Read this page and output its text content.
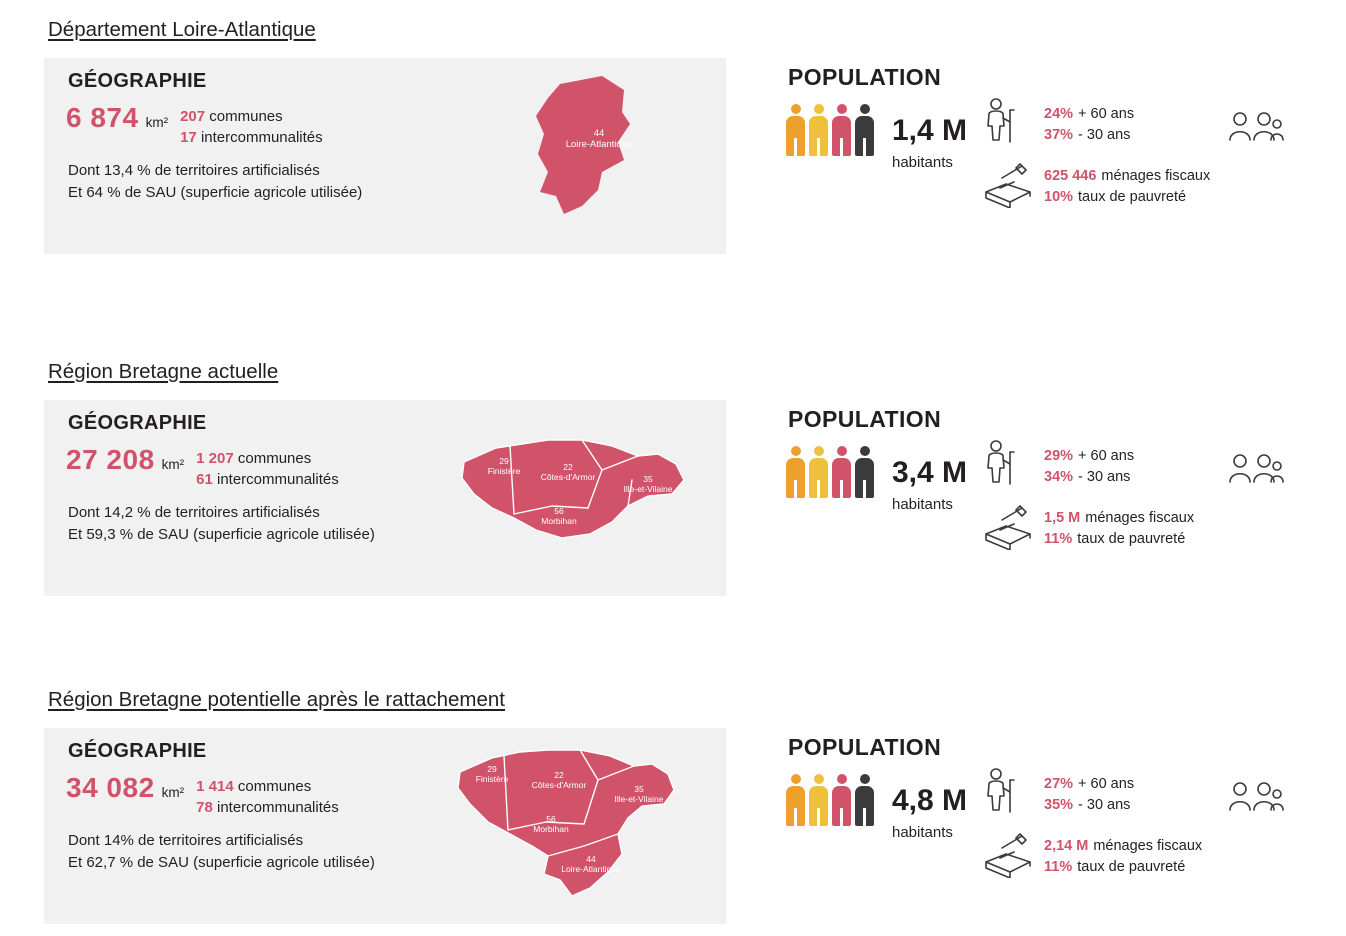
Département Loire-Atlantique
GÉOGRAPHIE
6 874 km² 207 communes
17 intercommunalités
Dont 13,4 % de territoires artificialisés
Et 64 % de SAU (superficie agricole utilisée)
44
Loire-Atlantique
POPULATION
1,4 M
habitants
24% + 60 ans
37% - 30 ans
625 446 ménages fiscaux
10% taux de pauvreté
Région Bretagne actuelle
GÉOGRAPHIE
27 208 km² 1 207 communes
61 intercommunalités
Dont 14,2 % de territoires artificialisés
Et 59,3 % de SAU (superficie agricole utilisée)
29
Finistère	22
Côtes-d'Armor	35
Ille-et-Vilaine
56
Morbihan
POPULATION
3,4 M
habitants
29% + 60 ans
34% - 30 ans
1,5 M ménages fiscaux
11% taux de pauvreté
Région Bretagne potentielle après le rattachement
GÉOGRAPHIE
34 082 km² 1 414 communes
78 intercommunalités
Dont 14% de territoires artificialisés
Et 62,7 % de SAU (superficie agricole utilisée)
29
Finistère	22
Côtes-d'Armor	35
Ille-et-Vilaine
56
Morbihan
44
Loire-Atlantique
POPULATION
4,8 M
habitants
27% + 60 ans
35% - 30 ans
2,14 M ménages fiscaux
11% taux de pauvreté
